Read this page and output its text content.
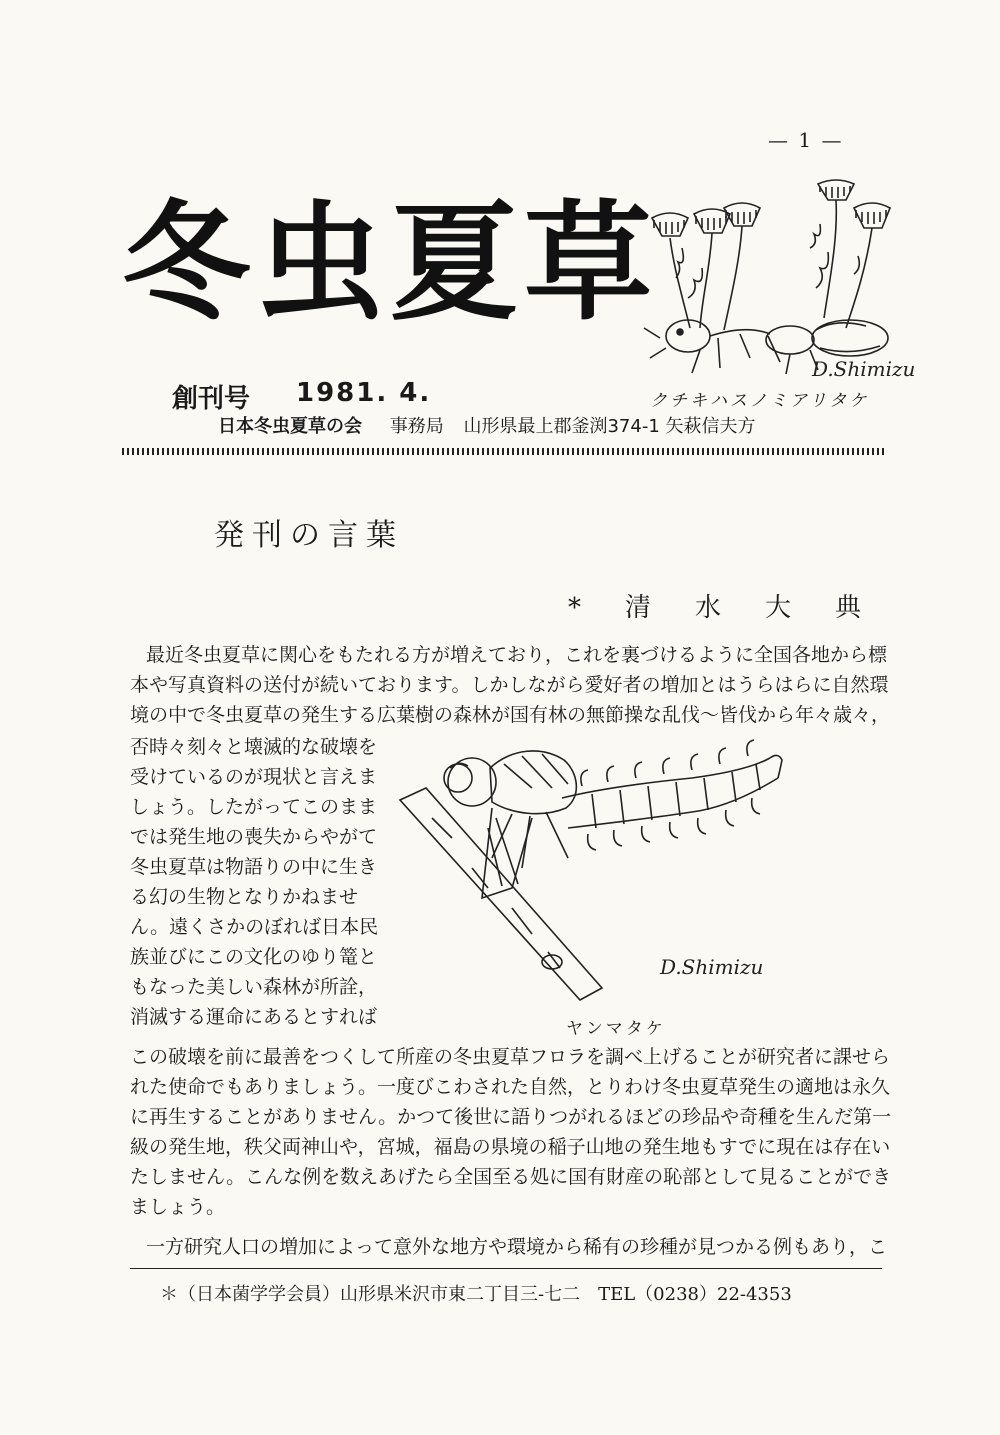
— 1 —
冬虫夏草
D.Shimizu
創刊号 1981. 4.	クチキハスノミアリタケ
日本冬虫夏草の会 事務局 山形県最上郡釜渕374-1 矢萩信夫方
発刊の言葉
*清水大典
最近冬虫夏草に関心をもたれる方が増えており，これを裏づけるように全国各地から標
本や写真資料の送付が続いております。しかしながら愛好者の増加とはうらはらに自然環
境の中で冬虫夏草の発生する広葉樹の森林が国有林の無節操な乱伐〜皆伐から年々歳々，
否時々刻々と壊滅的な破壊を
受けているのが現状と言えま
しょう。したがってこのまま
では発生地の喪失からやがて
冬虫夏草は物語りの中に生き
る幻の生物となりかねませ
ん。遠くさかのぼれば日本民
族並びにこの文化のゆり篭と
もなった美しい森林が所詮，
消滅する運命にあるとすれば
D.Shimizu
ヤンマタケ
この破壊を前に最善をつくして所産の冬虫夏草フロラを調べ上げることが研究者に課せら
れた使命でもありましょう。一度びこわされた自然，とりわけ冬虫夏草発生の適地は永久
に再生することがありません。かつて後世に語りつがれるほどの珍品や奇種を生んだ第一
級の発生地，秩父両神山や，宮城，福島の県境の稲子山地の発生地もすでに現在は存在い
たしません。こんな例を数えあげたら全国至る処に国有財産の恥部として見ることができ
ましょう。
一方研究人口の増加によって意外な地方や環境から稀有の珍種が見つかる例もあり，こ
＊（日本菌学学会員）山形県米沢市東二丁目三-七二　TEL（0238）22-4353
